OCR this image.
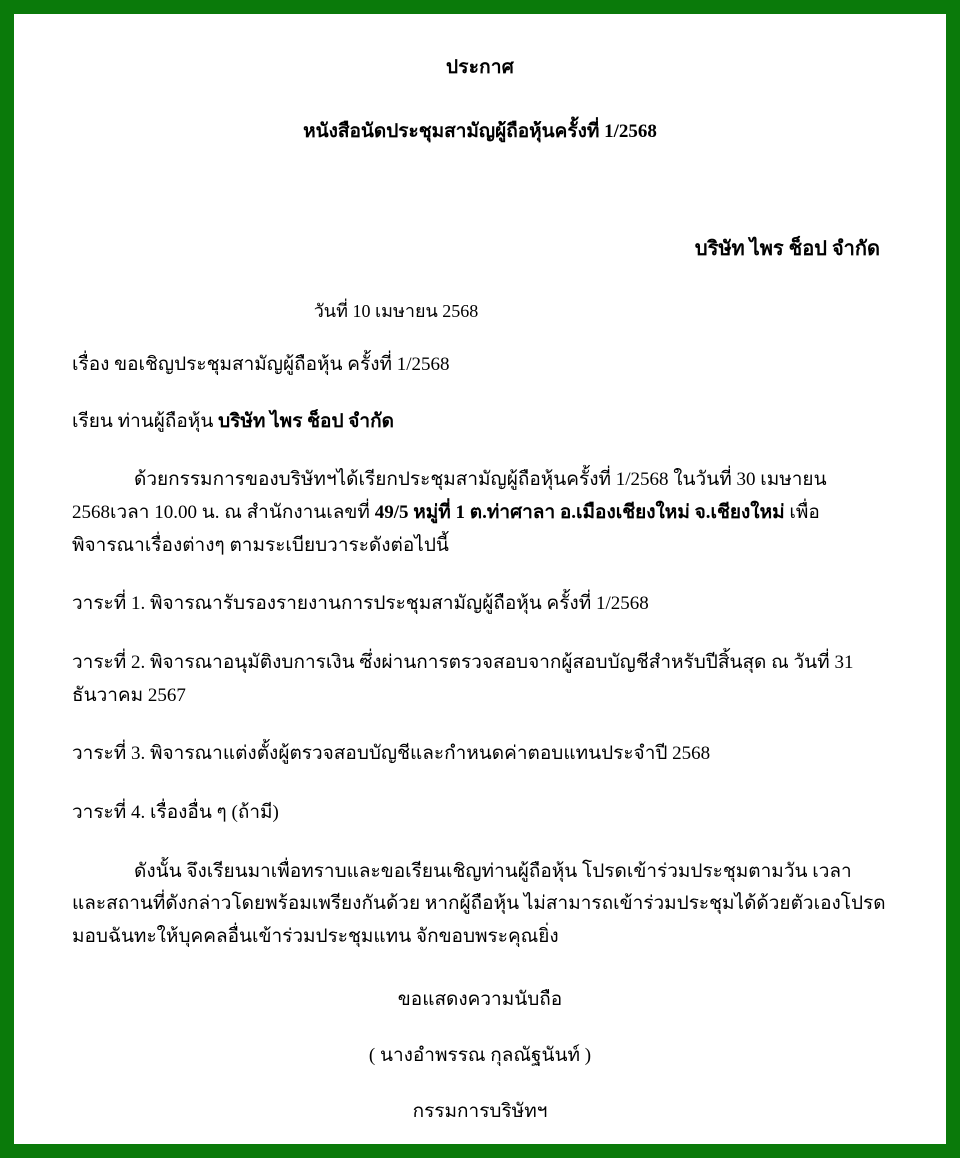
ประกาศ
หนังสือนัดประชุมสามัญผู้ถือหุ้นครั้งที่ 1/2568
บริษัท ไพร ช็อป จำกัด
วันที่ 10 เมษายน 2568
เรื่อง ขอเชิญประชุมสามัญผู้ถือหุ้น ครั้งที่ 1/2568
เรียน ท่านผู้ถือหุ้น บริษัท ไพร ช็อป จำกัด
ด้วยกรรมการของบริษัทฯได้เรียกประชุมสามัญผู้ถือหุ้นครั้งที่ 1/2568 ในวันที่ 30 เมษายน 2568เวลา 10.00 น. ณ สำนักงานเลขที่ 49/5 หมู่ที่ 1 ต.ท่าศาลา อ.เมืองเชียงใหม่ จ.เชียงใหม่ เพื่อพิจารณาเรื่องต่างๆ ตามระเบียบวาระดังต่อไปนี้
วาระที่ 1. พิจารณารับรองรายงานการประชุมสามัญผู้ถือหุ้น ครั้งที่ 1/2568
วาระที่ 2. พิจารณาอนุมัติงบการเงิน ซึ่งผ่านการตรวจสอบจากผู้สอบบัญชีสำหรับปีสิ้นสุด ณ วันที่ 31 ธันวาคม 2567
วาระที่ 3. พิจารณาแต่งตั้งผู้ตรวจสอบบัญชีและกำหนดค่าตอบแทนประจำปี 2568
วาระที่ 4. เรื่องอื่น ๆ (ถ้ามี)
ดังนั้น จึงเรียนมาเพื่อทราบและขอเรียนเชิญท่านผู้ถือหุ้น โปรดเข้าร่วมประชุมตามวัน เวลา และสถานที่ดังกล่าวโดยพร้อมเพรียงกันด้วย หากผู้ถือหุ้น ไม่สามารถเข้าร่วมประชุมได้ด้วยตัวเองโปรดมอบฉันทะให้บุคคลอื่นเข้าร่วมประชุมแทน จักขอบพระคุณยิ่ง
ขอแสดงความนับถือ
( นางอำพรรณ กุลณัฐนันท์ )
กรรมการบริษัทฯ
